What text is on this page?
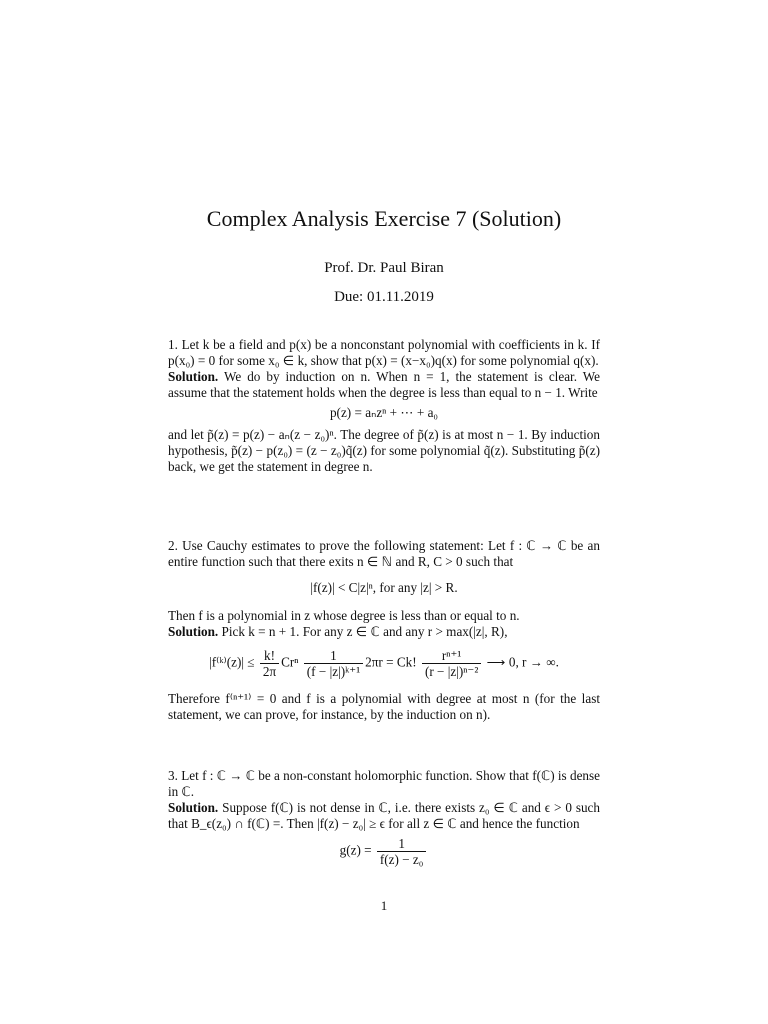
Complex Analysis Exercise 7 (Solution)
Prof. Dr. Paul Biran
Due: 01.11.2019

1. Let k be a field and p(x) be a nonconstant polynomial with coefficients in k. If p(x₀) = 0 for some x₀ ∈ k, show that p(x) = (x−x₀)q(x) for some polynomial q(x).

Solution. We do by induction on n. When n = 1, the statement is clear. We assume that the statement holds when the degree is less than equal to n − 1. Write

p(z) = aₙzⁿ + ⋯ + a₀

and let p̃(z) = p(z) − aₙ(z − z₀)ⁿ. The degree of p̃(z) is at most n − 1. By induction hypothesis, p̃(z) − p(z₀) = (z − z₀)q̃(z) for some polynomial q̃(z). Substituting p̃(z) back, we get the statement in degree n.

2. Use Cauchy estimates to prove the following statement: Let f : ℂ → ℂ be an entire function such that there exits n ∈ ℕ and R, C > 0 such that

|f(z)| < C|z|ⁿ, for any |z| > R.

Then f is a polynomial in z whose degree is less than or equal to n.

Solution. Pick k = n + 1. For any z ∈ ℂ and any r > max(|z|, R),

|f⁽ᵏ⁾(z)| ≤ $\frac{k!}{2\pi}$ Crⁿ $\frac{1}{\text{(f − |z|)ᵏ⁺¹}} 2\pi r = Ck$! $\frac{\text{rⁿ⁺¹}}{\text{(r − |z|)ⁿ⁻²}}$ ⟶ 0, r → ∞.

Therefore f⁽ⁿ⁺¹⁾ = 0 and f is a polynomial with degree at most n (for the last statement, we can prove, for instance, by the induction on n).

3. Let f : ℂ → ℂ be a non-constant holomorphic function. Show that f(ℂ) is dense in ℂ.

Solution. Suppose f(ℂ) is not dense in ℂ, i.e. there exists z₀ ∈ ℂ and ϵ > 0 such that B_ϵ(z₀) ∩ f(ℂ) =. Then |f(z) − z₀| ≥ ϵ for all z ∈ ℂ and hence the function

$g(z) = \frac{1}{\text{f(z) − z₀}}$
1
